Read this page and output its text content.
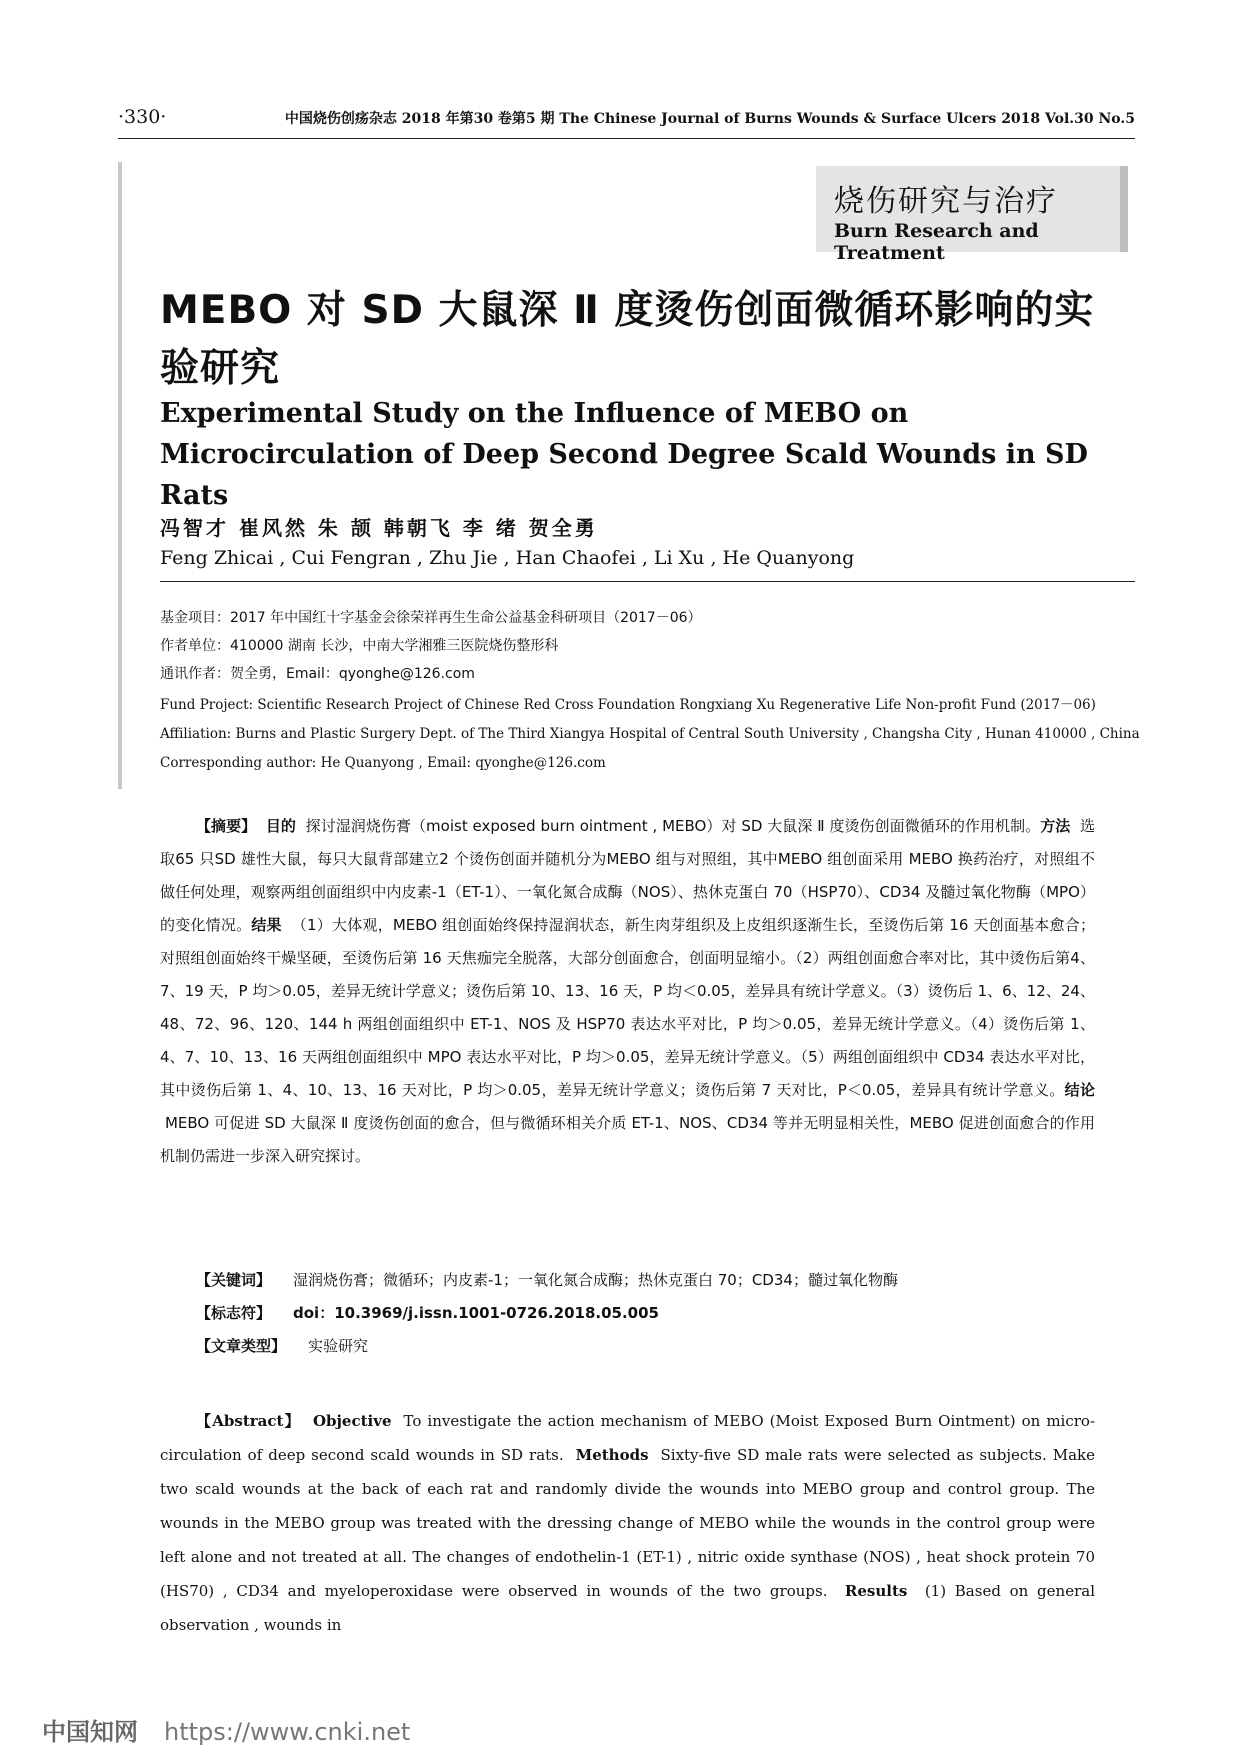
·330·	中国烧伤创疡杂志 2018 年第30 卷第5 期 The Chinese Journal of Burns Wounds & Surface Ulcers 2018 Vol.30 No.5
烧伤研究与治疗
Burn Research and Treatment
MEBO 对 SD 大鼠深 Ⅱ 度烫伤创面微循环影响的实验研究
Experimental Study on the Influence of MEBO on Microcirculation of Deep Second Degree Scald Wounds in SD Rats
冯智才 崔风然 朱 颉 韩朝飞 李 绪 贺全勇
Feng Zhicai , Cui Fengran , Zhu Jie , Han Chaofei , Li Xu , He Quanyong
基金项目：2017 年中国红十字基金会徐荣祥再生生命公益基金科研项目（2017－06）
作者单位：410000 湖南 长沙，中南大学湘雅三医院烧伤整形科
通讯作者：贺全勇，Email：qyonghe@126.com
Fund Project: Scientific Research Project of Chinese Red Cross Foundation Rongxiang Xu Regenerative Life Non-profit Fund (2017－06)
Affiliation: Burns and Plastic Surgery Dept. of The Third Xiangya Hospital of Central South University , Changsha City , Hunan 410000 , China
Corresponding author: He Quanyong , Email: qyonghe@126.com

【摘要】 目的 探讨湿润烧伤膏（moist exposed burn ointment , MEBO）对 SD 大鼠深 Ⅱ 度烫伤创面微循环的作用机制。方法 选取65 只SD 雄性大鼠，每只大鼠背部建立2 个烫伤创面并随机分为MEBO 组与对照组，其中MEBO 组创面采用 MEBO 换药治疗，对照组不做任何处理，观察两组创面组织中内皮素-1（ET-1）、一氧化氮合成酶（NOS）、热休克蛋白 70（HSP70）、CD34 及髓过氧化物酶（MPO）的变化情况。结果 （1）大体观，MEBO 组创面始终保持湿润状态，新生肉芽组织及上皮组织逐渐生长，至烫伤后第 16 天创面基本愈合；对照组创面始终干燥坚硬，至烫伤后第 16 天焦痂完全脱落，大部分创面愈合，创面明显缩小。（2）两组创面愈合率对比，其中烫伤后第4、7、19 天，P 均＞0.05，差异无统计学意义；烫伤后第 10、13、16 天，P 均＜0.05，差异具有统计学意义。（3）烫伤后 1、6、12、24、48、72、96、120、144 h 两组创面组织中 ET-1、NOS 及 HSP70 表达水平对比，P 均＞0.05，差异无统计学意义。（4）烫伤后第 1、4、7、10、13、16 天两组创面组织中 MPO 表达水平对比，P 均＞0.05，差异无统计学意义。（5）两组创面组织中 CD34 表达水平对比，其中烫伤后第 1、4、10、13、16 天对比，P 均＞0.05，差异无统计学意义；烫伤后第 7 天对比，P＜0.05，差异具有统计学意义。结论  MEBO 可促进 SD 大鼠深 Ⅱ 度烫伤创面的愈合，但与微循环相关介质 ET-1、NOS、CD34 等并无明显相关性，MEBO 促进创面愈合的作用机制仍需进一步深入研究探讨。

【关键词】 湿润烧伤膏；微循环；内皮素-1；一氧化氮合成酶；热休克蛋白 70；CD34；髓过氧化物酶
【标志符】 doi：10.3969/j.issn.1001-0726.2018.05.005
【文章类型】 实验研究

【Abstract】 Objective To investigate the action mechanism of MEBO (Moist Exposed Burn Ointment) on micro-circulation of deep second scald wounds in SD rats. Methods Sixty-five SD male rats were selected as subjects. Make two scald wounds at the back of each rat and randomly divide the wounds into MEBO group and control group. The wounds in the MEBO group was treated with the dressing change of MEBO while the wounds in the control group were left alone and not treated at all. The changes of endothelin-1 (ET-1) , nitric oxide synthase (NOS) , heat shock protein 70 (HS70) , CD34 and myeloperoxidase were observed in wounds of the two groups. Results (1) Based on general observation , wounds in

中国知网 https://www.cnki.net
